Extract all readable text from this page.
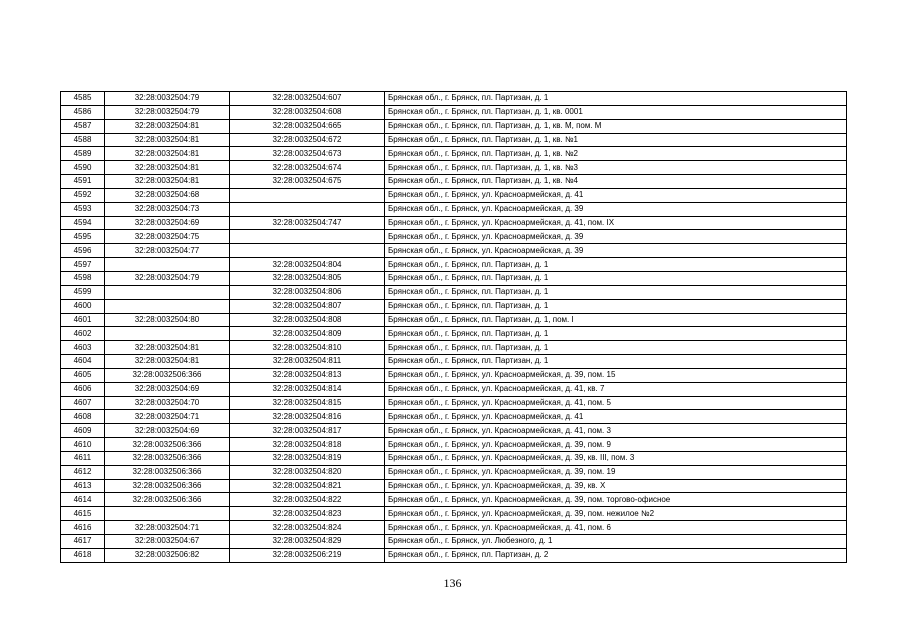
4585	32:28:0032504:79	32:28:0032504:607	Брянская обл., г. Брянск, пл. Партизан, д. 1
4586	32:28:0032504:79	32:28:0032504:608	Брянская обл., г. Брянск, пл. Партизан, д. 1, кв. 0001
4587	32:28:0032504:81	32:28:0032504:665	Брянская обл., г. Брянск, пл. Партизан, д. 1, кв. М, пом. М
4588	32:28:0032504:81	32:28:0032504:672	Брянская обл., г. Брянск, пл. Партизан, д. 1, кв. №1
4589	32:28:0032504:81	32:28:0032504:673	Брянская обл., г. Брянск, пл. Партизан, д. 1, кв. №2
4590	32:28:0032504:81	32:28:0032504:674	Брянская обл., г. Брянск, пл. Партизан, д. 1, кв. №3
4591	32:28:0032504:81	32:28:0032504:675	Брянская обл., г. Брянск, пл. Партизан, д. 1, кв. №4
4592	32:28:0032504:68		Брянская обл., г. Брянск, ул. Красноармейская, д. 41
4593	32:28:0032504:73		Брянская обл., г. Брянск, ул. Красноармейская, д. 39
4594	32:28:0032504:69	32:28:0032504:747	Брянская обл., г. Брянск, ул. Красноармейская, д. 41, пом. IX
4595	32:28:0032504:75		Брянская обл., г. Брянск, ул. Красноармейская, д. 39
4596	32:28:0032504:77		Брянская обл., г. Брянск, ул. Красноармейская, д. 39
4597		32:28:0032504:804	Брянская обл., г. Брянск, пл. Партизан, д. 1
4598	32:28:0032504:79	32:28:0032504:805	Брянская обл., г. Брянск, пл. Партизан, д. 1
4599		32:28:0032504:806	Брянская обл., г. Брянск, пл. Партизан, д. 1
4600		32:28:0032504:807	Брянская обл., г. Брянск, пл. Партизан, д. 1
4601	32:28:0032504:80	32:28:0032504:808	Брянская обл., г. Брянск, пл. Партизан, д. 1, пом. I
4602		32:28:0032504:809	Брянская обл., г. Брянск, пл. Партизан, д. 1
4603	32:28:0032504:81	32:28:0032504:810	Брянская обл., г. Брянск, пл. Партизан, д. 1
4604	32:28:0032504:81	32:28:0032504:811	Брянская обл., г. Брянск, пл. Партизан, д. 1
4605	32:28:0032506:366	32:28:0032504:813	Брянская обл., г. Брянск, ул. Красноармейская, д. 39, пом. 15
4606	32:28:0032504:69	32:28:0032504:814	Брянская обл., г. Брянск, ул. Красноармейская, д. 41, кв. 7
4607	32:28:0032504:70	32:28:0032504:815	Брянская обл., г. Брянск, ул. Красноармейская, д. 41, пом. 5
4608	32:28:0032504:71	32:28:0032504:816	Брянская обл., г. Брянск, ул. Красноармейская, д. 41
4609	32:28:0032504:69	32:28:0032504:817	Брянская обл., г. Брянск, ул. Красноармейская, д. 41, пом. 3
4610	32:28:0032506:366	32:28:0032504:818	Брянская обл., г. Брянск, ул. Красноармейская, д. 39, пом. 9
4611	32:28:0032506:366	32:28:0032504:819	Брянская обл., г. Брянск, ул. Красноармейская, д. 39, кв. III, пом. 3
4612	32:28:0032506:366	32:28:0032504:820	Брянская обл., г. Брянск, ул. Красноармейская, д. 39, пом. 19
4613	32:28:0032506:366	32:28:0032504:821	Брянская обл., г. Брянск, ул. Красноармейская, д. 39, кв. X
4614	32:28:0032506:366	32:28:0032504:822	Брянская обл., г. Брянск, ул. Красноармейская, д. 39, пом. торгово-офисное
4615		32:28:0032504:823	Брянская обл., г. Брянск, ул. Красноармейская, д. 39, пом. нежилое №2
4616	32:28:0032504:71	32:28:0032504:824	Брянская обл., г. Брянск, ул. Красноармейская, д. 41, пом. 6
4617	32:28:0032504:67	32:28:0032504:829	Брянская обл., г. Брянск, ул. Любезного, д. 1
4618	32:28:0032506:82	32:28:0032506:219	Брянская обл., г. Брянск, пл. Партизан, д. 2
136
